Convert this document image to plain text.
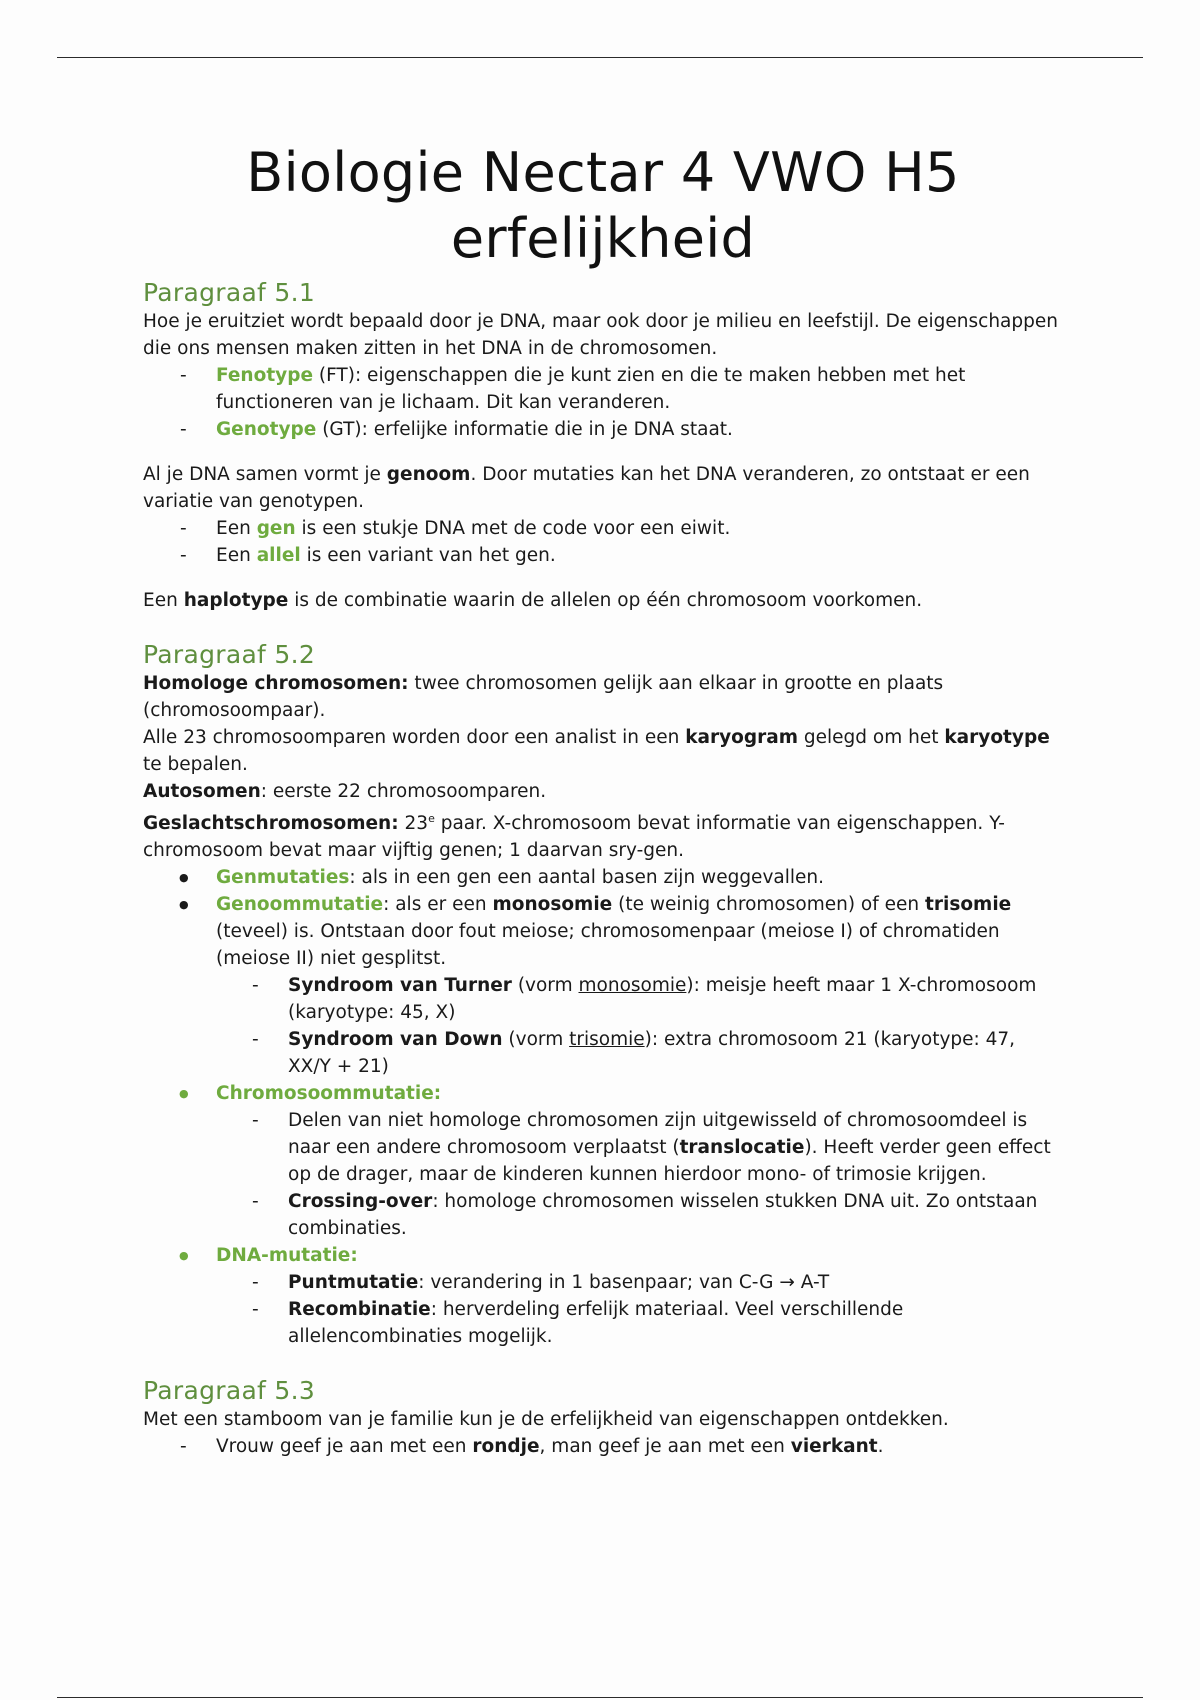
Biologie Nectar 4 VWO H5 erfelijkheid
Paragraaf 5.1

Hoe je eruitziet wordt bepaald door je DNA, maar ook door je milieu en leefstijl. De eigenschappen die ons mensen maken zitten in het DNA in de chromosomen.

- Fenotype (FT): eigenschappen die je kunt zien en die te maken hebben met het functioneren van je lichaam. Dit kan veranderen.
- Genotype (GT): erfelijke informatie die in je DNA staat.

Al je DNA samen vormt je genoom. Door mutaties kan het DNA veranderen, zo ontstaat er een variatie van genotypen.

- Een gen is een stukje DNA met de code voor een eiwit.
- Een allel is een variant van het gen.

Een haplotype is de combinatie waarin de allelen op één chromosoom voorkomen.

Paragraaf 5.2

Homologe chromosomen: twee chromosomen gelijk aan elkaar in grootte en plaats (chromosoompaar).

Alle 23 chromosoomparen worden door een analist in een karyogram gelegd om het karyotype te bepalen.

Autosomen: eerste 22 chromosoomparen.

Geslachtschromosomen: 23e paar. X-chromosoom bevat informatie van eigenschappen. Y-chromosoom bevat maar vijftig genen; 1 daarvan sry-gen.

● Genmutaties: als in een gen een aantal basen zijn weggevallen.
● Genoommutatie: als er een monosomie (te weinig chromosomen) of een trisomie (teveel) is. Ontstaan door fout meiose; chromosomenpaar (meiose I) of chromatiden (meiose II) niet gesplitst.
- Syndroom van Turner (vorm monosomie): meisje heeft maar 1 X-chromosoom (karyotype: 45, X)
- Syndroom van Down (vorm trisomie): extra chromosoom 21 (karyotype: 47, XX/Y + 21)
● Chromosoommutatie:
- Delen van niet homologe chromosomen zijn uitgewisseld of chromosoomdeel is naar een andere chromosoom verplaatst (translocatie). Heeft verder geen effect op de drager, maar de kinderen kunnen hierdoor mono- of trimosie krijgen.
- Crossing-over: homologe chromosomen wisselen stukken DNA uit. Zo ontstaan combinaties.
● DNA-mutatie:
- Puntmutatie: verandering in 1 basenpaar; van C-G → A-T
- Recombinatie: herverdeling erfelijk materiaal. Veel verschillende allelencombinaties mogelijk.
Paragraaf 5.3

Met een stamboom van je familie kun je de erfelijkheid van eigenschappen ontdekken.

- Vrouw geef je aan met een rondje, man geef je aan met een vierkant.
